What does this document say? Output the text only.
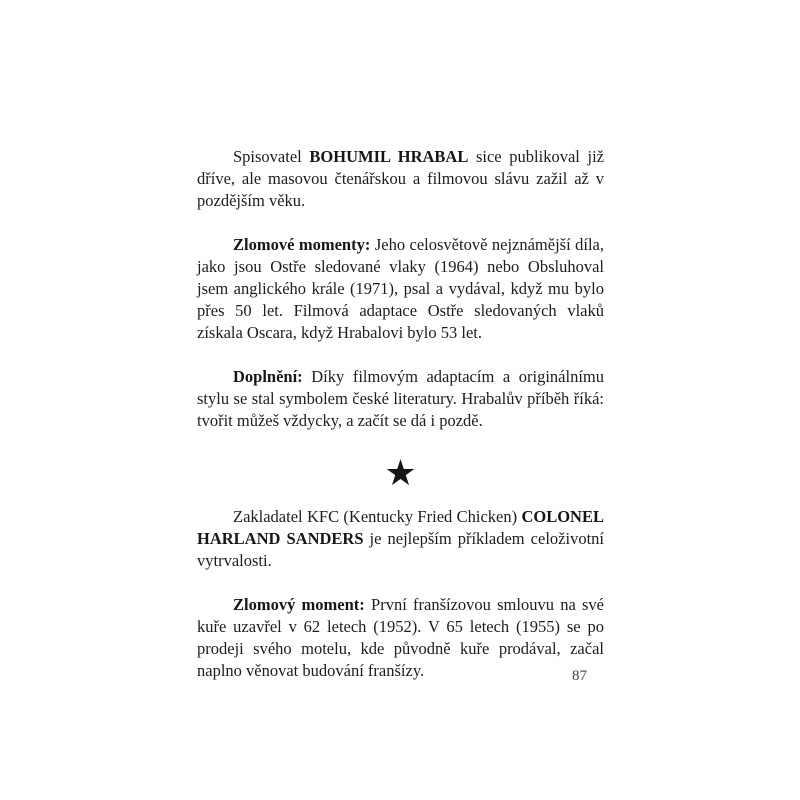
Spisovatel BOHUMIL HRABAL sice publikoval již dříve, ale masovou čtenářskou a filmovou slávu zažil až v pozdějším věku.

Zlomové momenty: Jeho celosvětově nejznámější díla, jako jsou Ostře sledované vlaky (1964) nebo Obsluhoval jsem anglického krále (1971), psal a vydával, když mu bylo přes 50 let. Filmová adaptace Ostře sledovaných vlaků získala Oscara, když Hrabalovi bylo 53 let.

Doplnění: Díky filmovým adaptacím a originálnímu stylu se stal symbolem české literatury. Hrabalův příběh říká: tvořit můžeš vždycky, a začít se dá i pozdě.

★

Zakladatel KFC (Kentucky Fried Chicken) COLONEL HARLAND SANDERS je nejlepším příkladem celoživotní vytrvalosti.

Zlomový moment: První franšízovou smlouvu na své kuře uzavřel v 62 letech (1952). V 65 letech (1955) se po prodeji svého motelu, kde původně kuře prodával, začal naplno věnovat budování franšízy.	87
